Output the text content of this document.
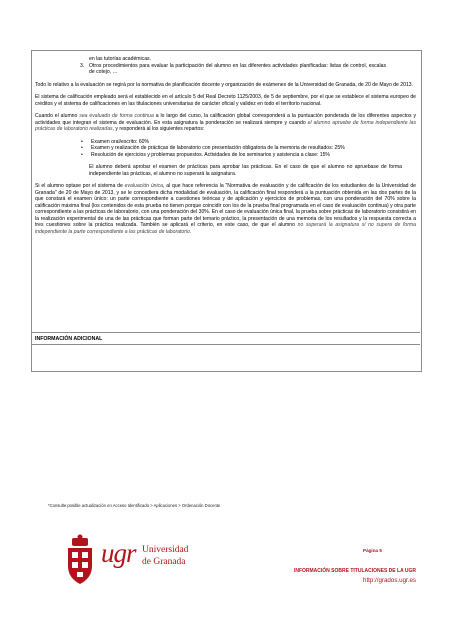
en las tutorías académicas.
3. Otros procedimientos para evaluar la participación del alumno en las diferentes actividades planificadas: listas de control, escalas de cotejo, …

Todo lo relativo a la evaluación se regirá por la normativa de planificación docente y organización de exámenes de la Universidad de Granada, de 20 de Mayo de 2013.

El sistema de calificación empleado será el establecido en el artículo 5 del Real Decreto 1125/2003, de 5 de septiembre, por el que se establece el sistema europeo de créditos y el sistema de calificaciones en las titulaciones universitarias de carácter oficial y validez en todo el territorio nacional.

Cuando el alumno sea evaluado de forma continua a lo largo del curso, la calificación global corresponderá a la puntuación ponderada de los diferentes aspectos y actividades que integran el sistema de evaluación. En esta asignatura la ponderación se realizará siempre y cuando el alumno apruebe de forma independiente las prácticas de laboratorio realizadas, y responderá al los siguientes repartos:

• Examen oral/escrito: 60%
• Examen y realización de prácticas de laboratorio con presentación obligatoria de la memoria de resultados: 25%
• Resolución de ejercicios y problemas propuestos. Actividades de los seminarios y asistencia a clase: 15%

El alumno deberá aprobar el examen de prácticas para aprobar las prácticas. En el caso de que el alumno no apruebase de forma independiente las prácticas, el alumno no superará la asignatura.

Si el alumno optase por el sistema de evaluación única, al que hace referencia la "Normativa de evaluación y de calificación de los estudiantes de la Universidad de Granada" de 20 de Mayo de 2013, y se le concediera dicha modalidad de evaluación, la calificación final responderá a la puntuación obtenida en las dos partes de la que constará el examen único: un parte correspondiente a cuestiones teóricas y de aplicación y ejercicios de problemas, con una ponderación del 70% sobre la calificación máxima final (los contenidos de esta prueba no tienen porque coincidir con los de la prueba final programada en el caso de evaluación continua) y otra parte correspondiente a las prácticas de laboratorio, con una ponderación del 30%. En el caso de evaluación única final, la prueba sobre prácticas de laboratorio consistirá en la realización experimental de una de las prácticas que forman parte del temario práctico, la presentación de una memoria de los resultados y la respuesta correcta a tres cuestiones sobre la práctica realizada. También se aplicará el criterio, en este caso, de que el alumno no superará la asignatura si no supera de forma independiente la parte correspondiente a las prácticas de laboratorio.

INFORMACIÓN ADICIONAL
*Consulte posible actualización en Acceso Identificado > Aplicaciones > Ordenación Docente
ugr Universidad
de Granada
Página 5
INFORMACIÓN SOBRE TITULACIONES DE LA UGR
http://grados.ugr.es
